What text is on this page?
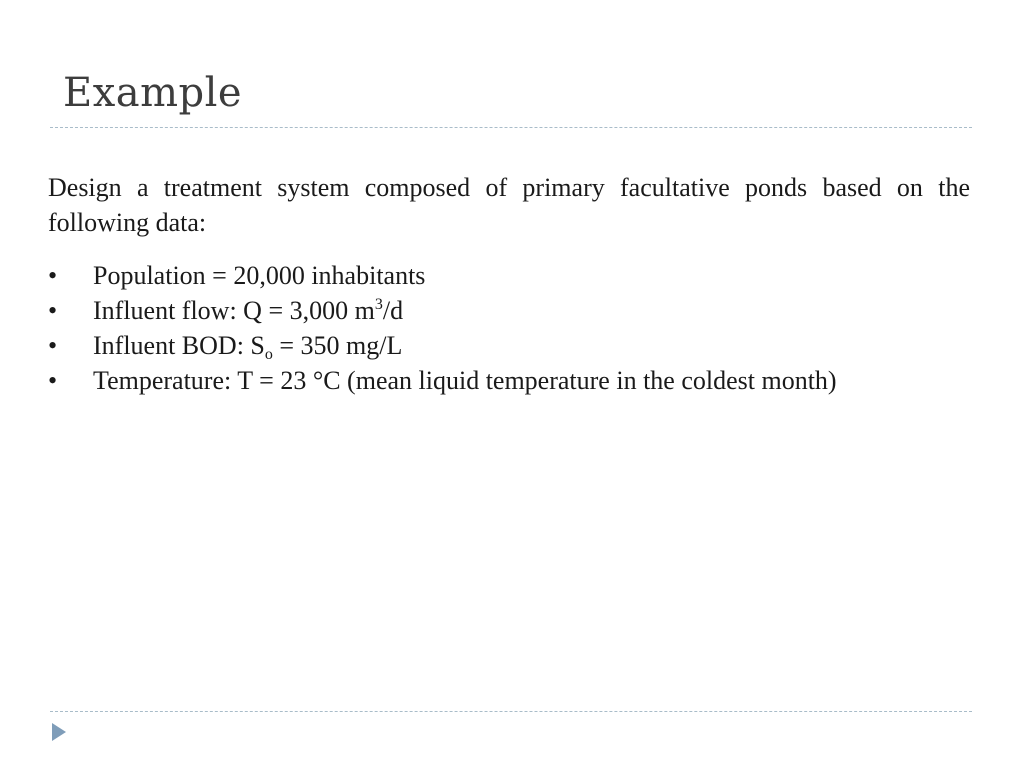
Example

Design a treatment system composed of primary facultative ponds based on the following data:

• Population = 20,000 inhabitants
• Influent flow: Q = 3,000 $m^3/d$
• Influent BOD: $S_o = 350$ mg/L
• Temperature: T = 23 °C (mean liquid temperature in the coldest month)
